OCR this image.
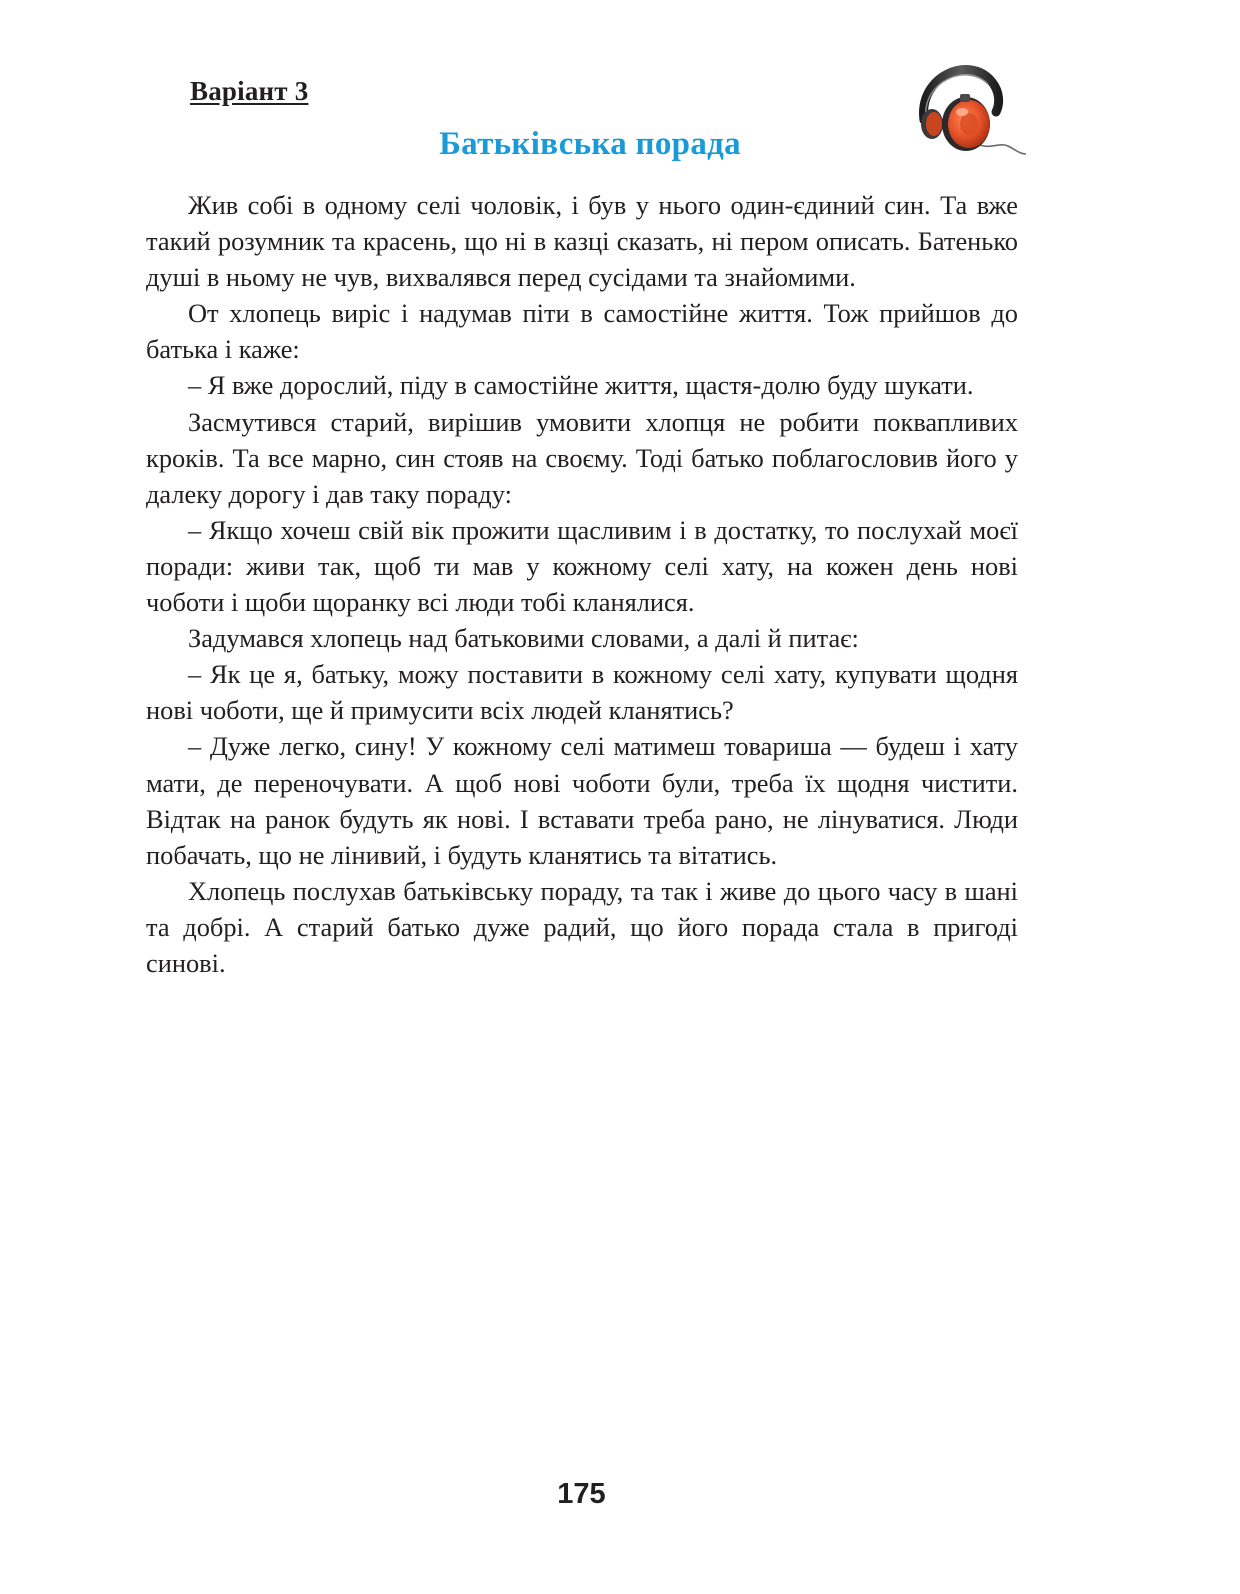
Варіант 3
Батьківська порада

Жив собі в одному селі чоловік, і був у нього один-єдиний син. Та вже такий розумник та красень, що ні в казці сказать, ні пером описать. Батенько душі в ньому не чув, вихвалявся перед сусідами та знайомими.

От хлопець виріс і надумав піти в самостійне життя. Тож прийшов до батька і каже:

– Я вже дорослий, піду в самостійне життя, щастя-долю буду шукати.

Засмутився старий, вирішив умовити хлопця не робити поквапливих кроків. Та все марно, син стояв на своєму. Тоді батько поблагословив його у далеку дорогу і дав таку пораду:

– Якщо хочеш свій вік прожити щасливим і в достатку, то послухай моєї поради: живи так, щоб ти мав у кожному селі хату, на кожен день нові чоботи і щоби щоранку всі люди тобі кланялися.

Задумався хлопець над батьковими словами, а далі й питає:

– Як це я, батьку, можу поставити в кожному селі хату, купувати щодня нові чоботи, ще й примусити всіх людей кланятись?

– Дуже легко, сину! У кожному селі матимеш товариша — будеш і хату мати, де переночувати. А щоб нові чоботи були, треба їх щодня чистити. Відтак на ранок будуть як нові. І вставати треба рано, не лінуватися. Люди побачать, що не лінивий, і будуть кланятись та вітатись.

Хлопець послухав батьківську пораду, та так і живе до цього часу в шані та добрі. А старий батько дуже радий, що його порада стала в пригоді синові.

175
